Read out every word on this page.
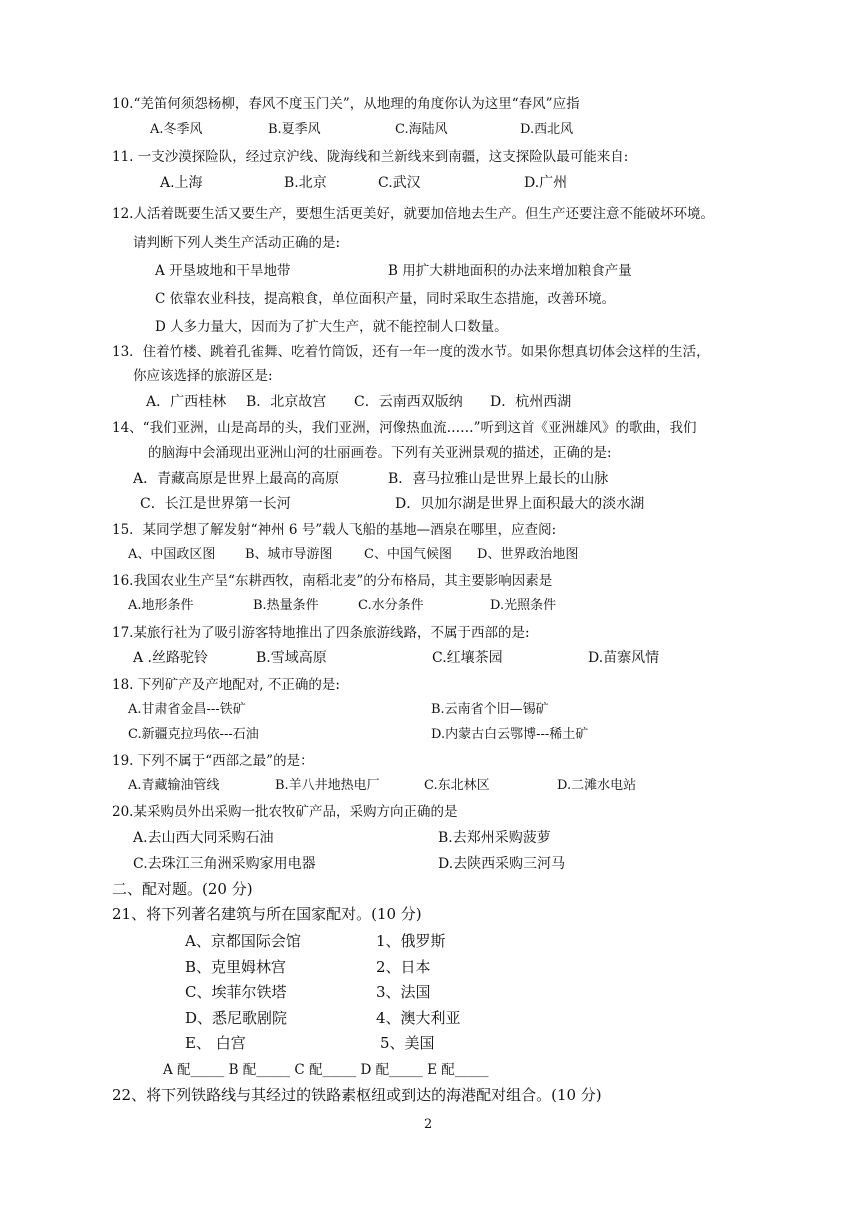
10.“羌笛何须怨杨柳，春风不度玉门关”，从地理的角度你认为这里“春风”应指
A.冬季风	B.夏季风	C.海陆风	D.西北风
11. 一支沙漠探险队，经过京沪线、陇海线和兰新线来到南疆，这支探险队最可能来自:
A.上海	B.北京	C.武汉	D.广州
12.人活着既要生活又要生产，要想生活更美好，就要加倍地去生产。但生产还要注意不能破坏环境。
请判断下列人类生产活动正确的是:
A 开垦坡地和干旱地带	B 用扩大耕地面积的办法来增加粮食产量
C 依靠农业科技，提高粮食，单位面积产量，同时采取生态措施，改善环境。
D 人多力量大，因而为了扩大生产，就不能控制人口数量。
13．住着竹楼、跳着孔雀舞、吃着竹筒饭，还有一年一度的泼水节。如果你想真切体会这样的生活，
你应该选择的旅游区是:
A．广西桂林 B．北京故宫 C．云南西双版纳 D．杭州西湖
14、“我们亚洲，山是高昂的头，我们亚洲，河像热血流……”听到这首《亚洲雄风》的歌曲，我们
的脑海中会涌现出亚洲山河的壮丽画卷。下列有关亚洲景观的描述，正确的是:
A．青藏高原是世界上最高的高原	B．喜马拉雅山是世界上最长的山脉
C．长江是世界第一长河	D．贝加尔湖是世界上面积最大的淡水湖
15．某同学想了解发射“神州 6 号”载人飞船的基地—酒泉在哪里，应查阅:
A、中国政区图 B、城市导游图 C、中国气候图 D、世界政治地图
16.我国农业生产呈“东耕西牧，南稻北麦”的分布格局，其主要影响因素是
A.地形条件	B.热量条件	C.水分条件	D.光照条件
17.某旅行社为了吸引游客特地推出了四条旅游线路，不属于西部的是:
A .丝路驼铃	B.雪域高原	C.红壤茶园	D.苗寨风情
18. 下列矿产及产地配对, 不正确的是:
A.甘肃省金昌---铁矿	B.云南省个旧—锡矿
C.新疆克拉玛依---石油	D.内蒙古白云鄂博---稀土矿
19. 下列不属于“西部之最”的是：
A.青藏输油管线	B.羊八井地热电厂	C.东北林区	D.二滩水电站
20.某采购员外出采购一批农牧矿产品，采购方向正确的是
A.去山西大同采购石油	B.去郑州采购菠萝
C.去珠江三角洲采购家用电器	D.去陕西采购三河马
二、配对题。(20 分)
21、将下列著名建筑与所在国家配对。(10 分)
A、京都国际会馆	1、俄罗斯
B、克里姆林宫	2、日本
C、埃菲尔铁塔	3、法国
D、悉尼歌剧院	4、澳大利亚
E、 白宫	5、美国
A 配_____ B 配_____ C 配_____ D 配_____ E 配_____
22、将下列铁路线与其经过的铁路素枢纽或到达的海港配对组合。(10 分)
2
